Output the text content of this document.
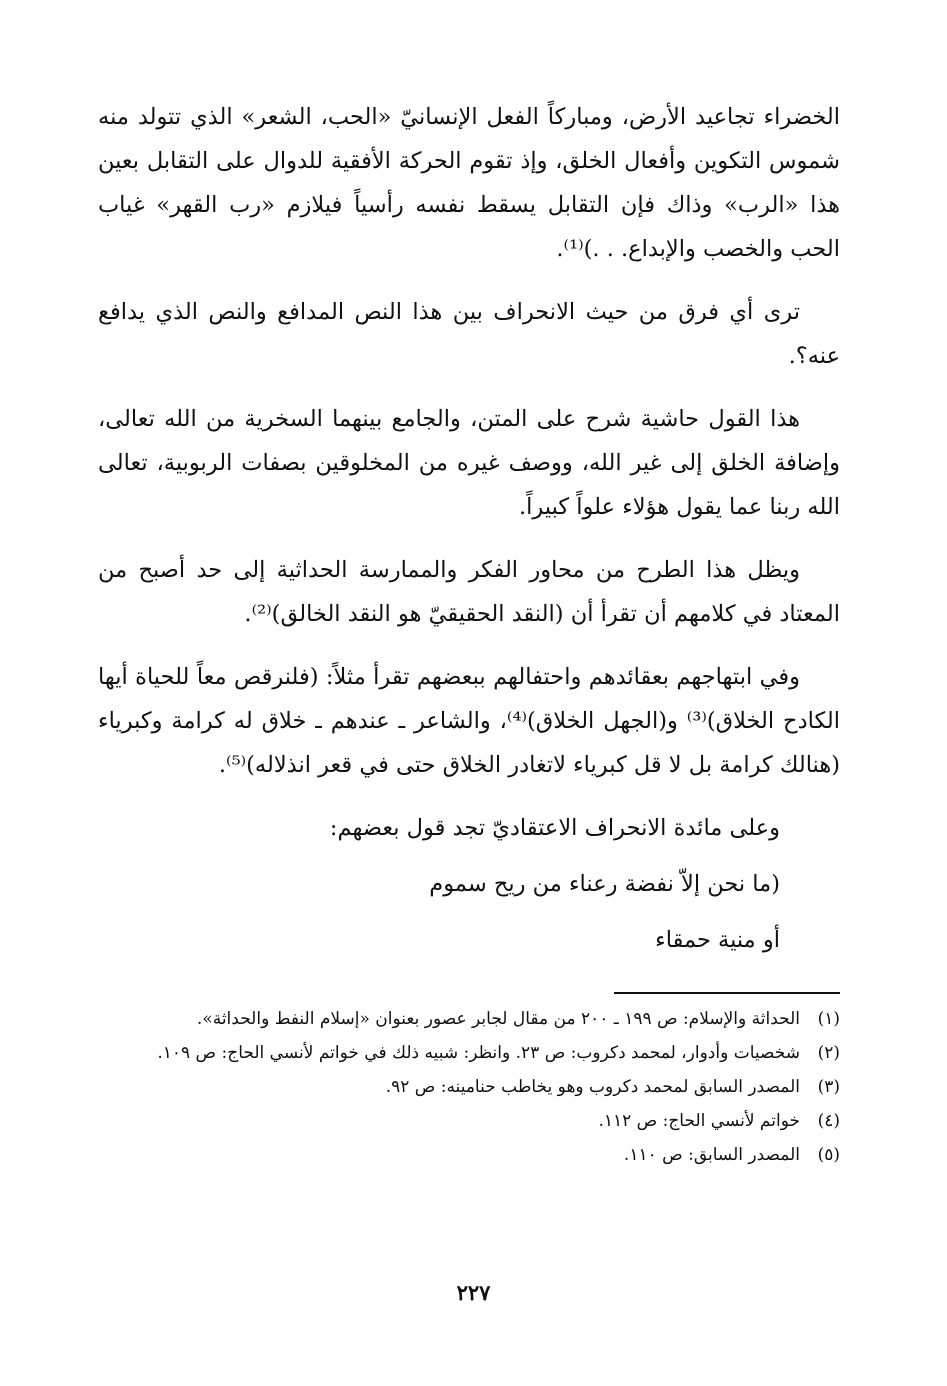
الخضراء تجاعيد الأرض، ومباركاً الفعل الإنسانيّ «الحب، الشعر» الذي تتولد منه شموس التكوين وأفعال الخلق، وإذ تقوم الحركة الأفقية للدوال على التقابل بعين هذا «الرب» وذاك فإن التقابل يسقط نفسه رأسياً فيلازم «رب القهر» غياب الحب والخصب والإبداع. . .)⁽¹⁾.

ترى أي فرق من حيث الانحراف بين هذا النص المدافع والنص الذي يدافع عنه؟.

هذا القول حاشية شرح على المتن، والجامع بينهما السخرية من الله تعالى، وإضافة الخلق إلى غير الله، ووصف غيره من المخلوقين بصفات الربوبية، تعالى الله ربنا عما يقول هؤلاء علواً كبيراً.

ويظل هذا الطرح من محاور الفكر والممارسة الحداثية إلى حد أصبح من المعتاد في كلامهم أن تقرأ أن (النقد الحقيقيّ هو النقد الخالق)⁽²⁾.

وفي ابتهاجهم بعقائدهم واحتفالهم ببعضهم تقرأ مثلاً: (فلنرقص معاً للحياة أيها الكادح الخلاق)⁽³⁾ و(الجهل الخلاق)⁽⁴⁾، والشاعر ـ عندهم ـ خلاق له كرامة وكبرياء (هنالك كرامة بل لا قل كبرياء لاتغادر الخلاق حتى في قعر انذلاله)⁽⁵⁾.

وعلى مائدة الانحراف الاعتقاديّ تجد قول بعضهم:
(ما نحن إلاّ نفضة رعناء من ريح سموم
أو منية حمقاء
(١)
الحداثة والإسلام: ص ١٩٩ ـ ٢٠٠ من مقال لجابر عصور بعنوان «إسلام النفط والحداثة».
(٢)
شخصيات وأدوار، لمحمد دكروب: ص ٢٣. وانظر: شبيه ذلك في خواتم لأنسي الحاج: ص ١٠٩.
(٣)
المصدر السابق لمحمد دكروب وهو يخاطب حنامينه: ص ٩٢.
(٤)
خواتم لأنسي الحاج: ص ١١٢.
(٥)
المصدر السابق: ص ١١٠.
٢٢٧
